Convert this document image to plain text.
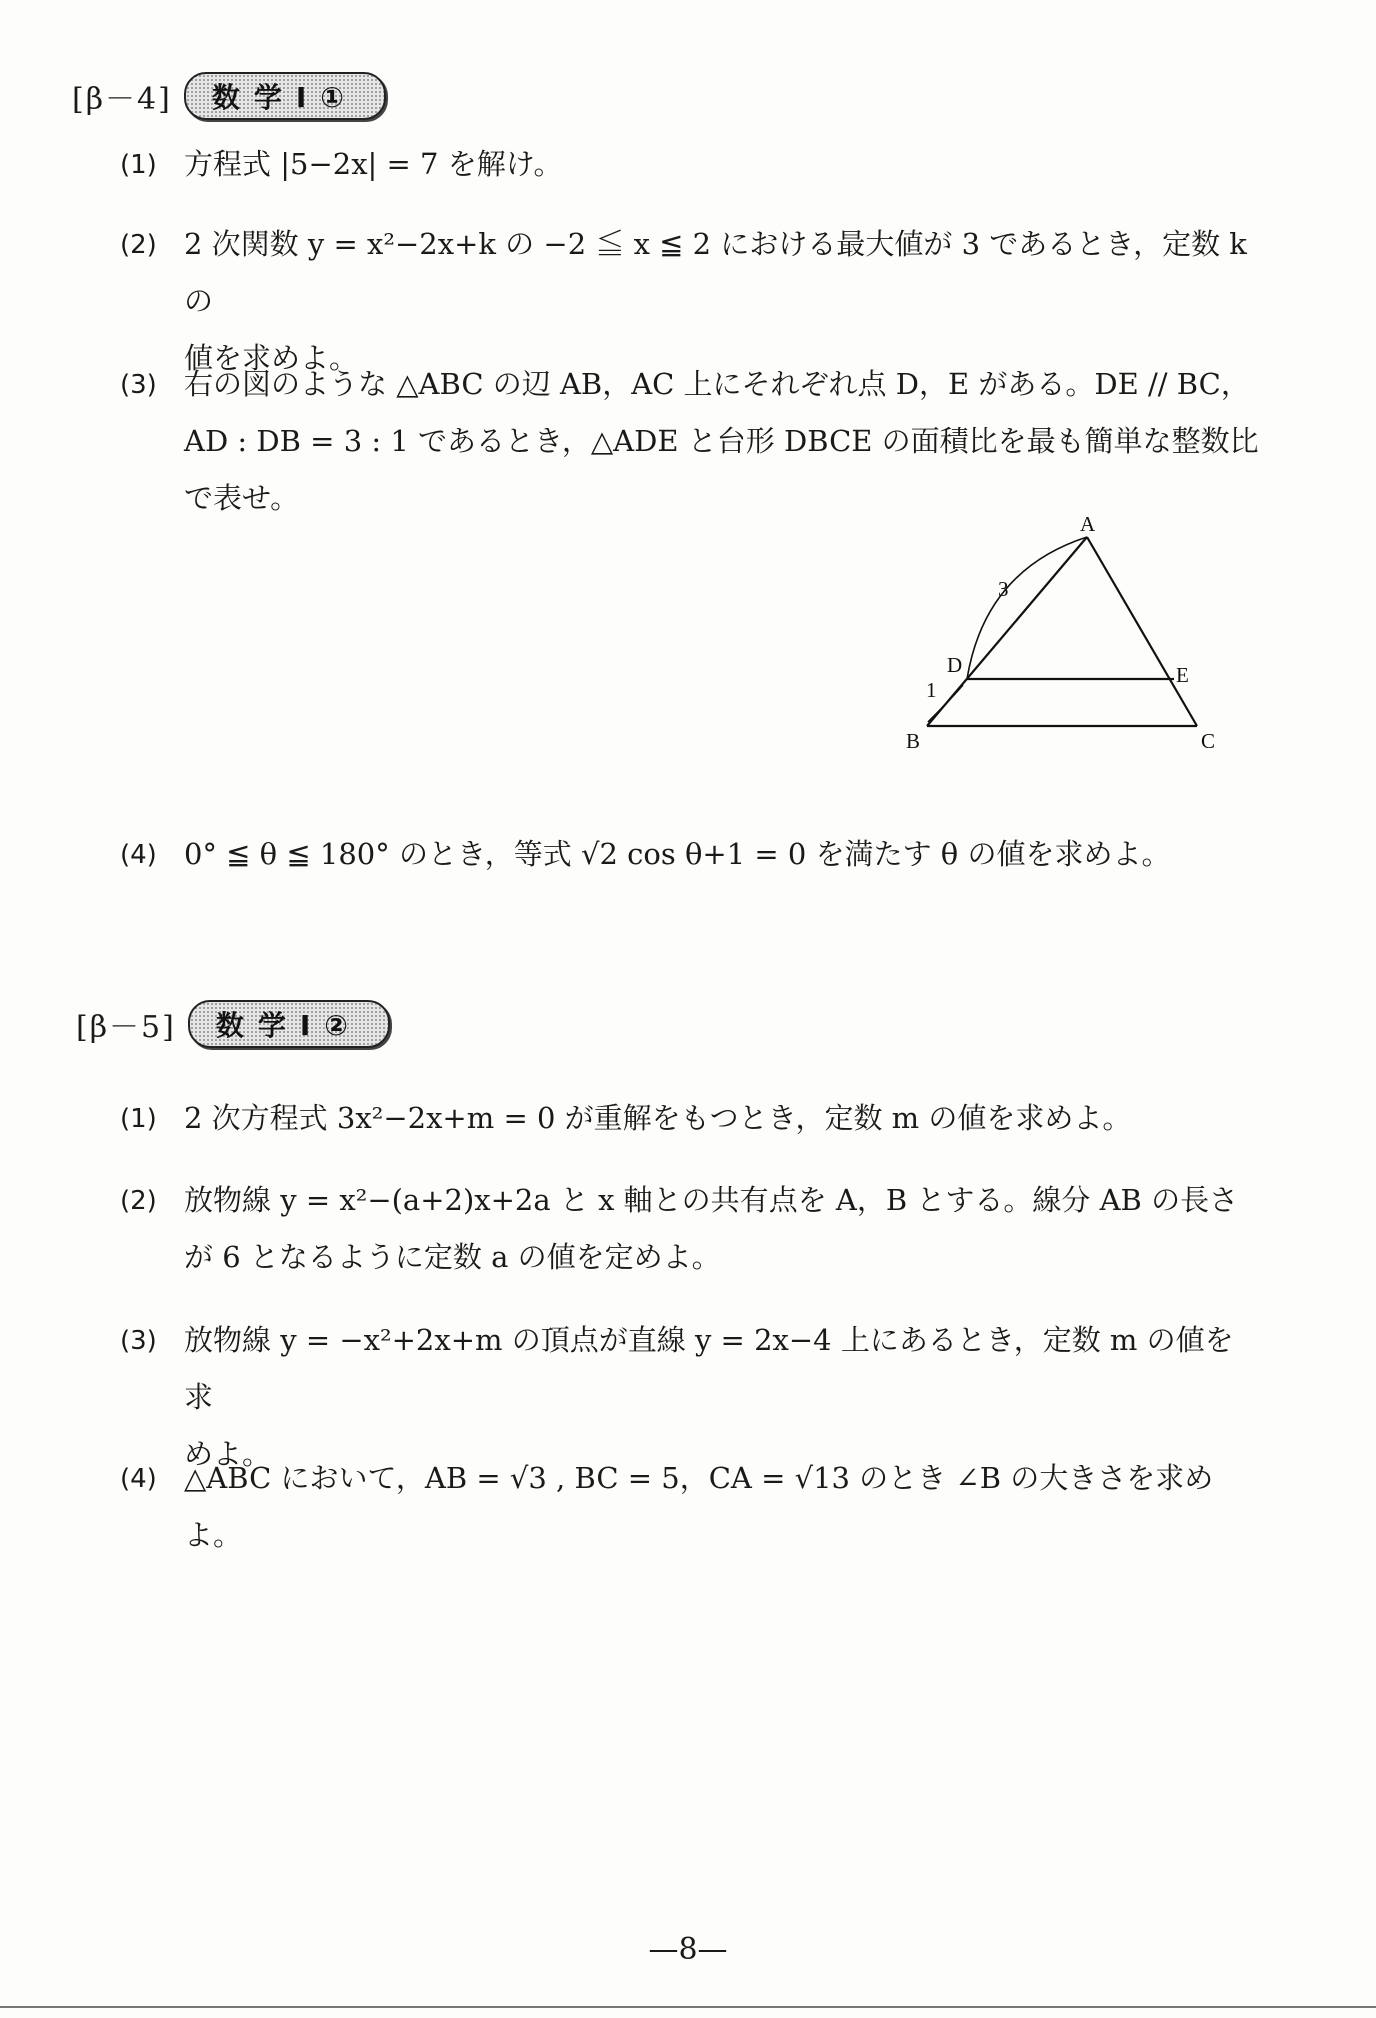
[β－4]	数学Ⅰ①
(1) 方程式 |5−2x| = 7 を解け。
(2) 2 次関数 y = x²−2x+k の −2 ≦ x ≦ 2 における最大値が 3 であるとき，定数 k の
値を求めよ。
(3) 右の図のような △ABC の辺 AB，AC 上にそれぞれ点 D，E がある。DE // BC，
AD : DB = 3 : 1 であるとき，△ADE と台形 DBCE の面積比を最も簡単な整数比
で表せ。
A
B	C
D	E
3
1
(4) 0° ≦ θ ≦ 180° のとき，等式 √2 cos θ+1 = 0 を満たす θ の値を求めよ。
[β－5]	数学Ⅰ②
(1) 2 次方程式 3x²−2x+m = 0 が重解をもつとき，定数 m の値を求めよ。
(2) 放物線 y = x²−(a+2)x+2a と x 軸との共有点を A，B とする。線分 AB の長さ
が 6 となるように定数 a の値を定めよ。
(3) 放物線 y = −x²+2x+m の頂点が直線 y = 2x−4 上にあるとき，定数 m の値を求
めよ。
(4) △ABC において，AB = √3 , BC = 5，CA = √13 のとき ∠B の大きさを求めよ。
—8—
